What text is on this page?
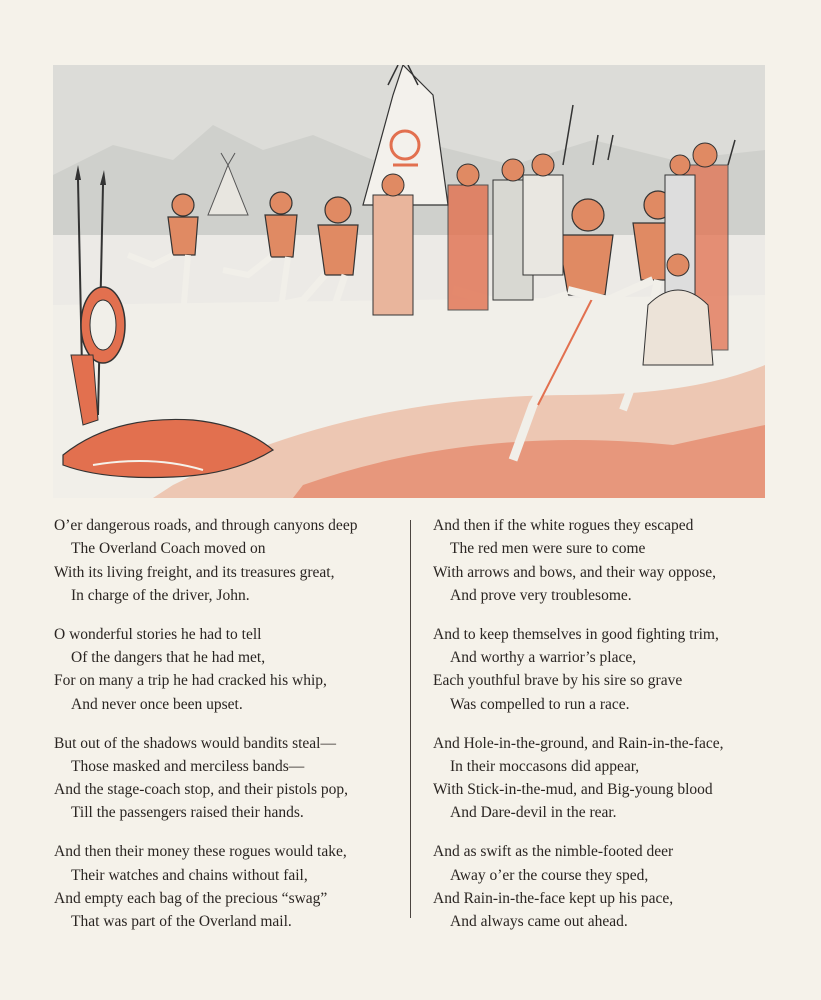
O’er dangerous roads, and through canyons deep
The Overland Coach moved on
With its living freight, and its treasures great,
In charge of the driver, John.
O wonderful stories he had to tell
Of the dangers that he had met,
For on many a trip he had cracked his whip,
And never once been upset.
But out of the shadows would bandits steal—
Those masked and merciless bands—
And the stage-coach stop, and their pistols pop,
Till the passengers raised their hands.
And then their money these rogues would take,
Their watches and chains without fail,
And empty each bag of the precious “swag”
That was part of the Overland mail.
And then if the white rogues they escaped
The red men were sure to come
With arrows and bows, and their way oppose,
And prove very troublesome.
And to keep themselves in good fighting trim,
And worthy a warrior’s place,
Each youthful brave by his sire so grave
Was compelled to run a race.
And Hole-in-the-ground, and Rain-in-the-face,
In their moccasons did appear,
With Stick-in-the-mud, and Big-young blood
And Dare-devil in the rear.
And as swift as the nimble-footed deer
Away o’er the course they sped,
And Rain-in-the-face kept up his pace,
And always came out ahead.
